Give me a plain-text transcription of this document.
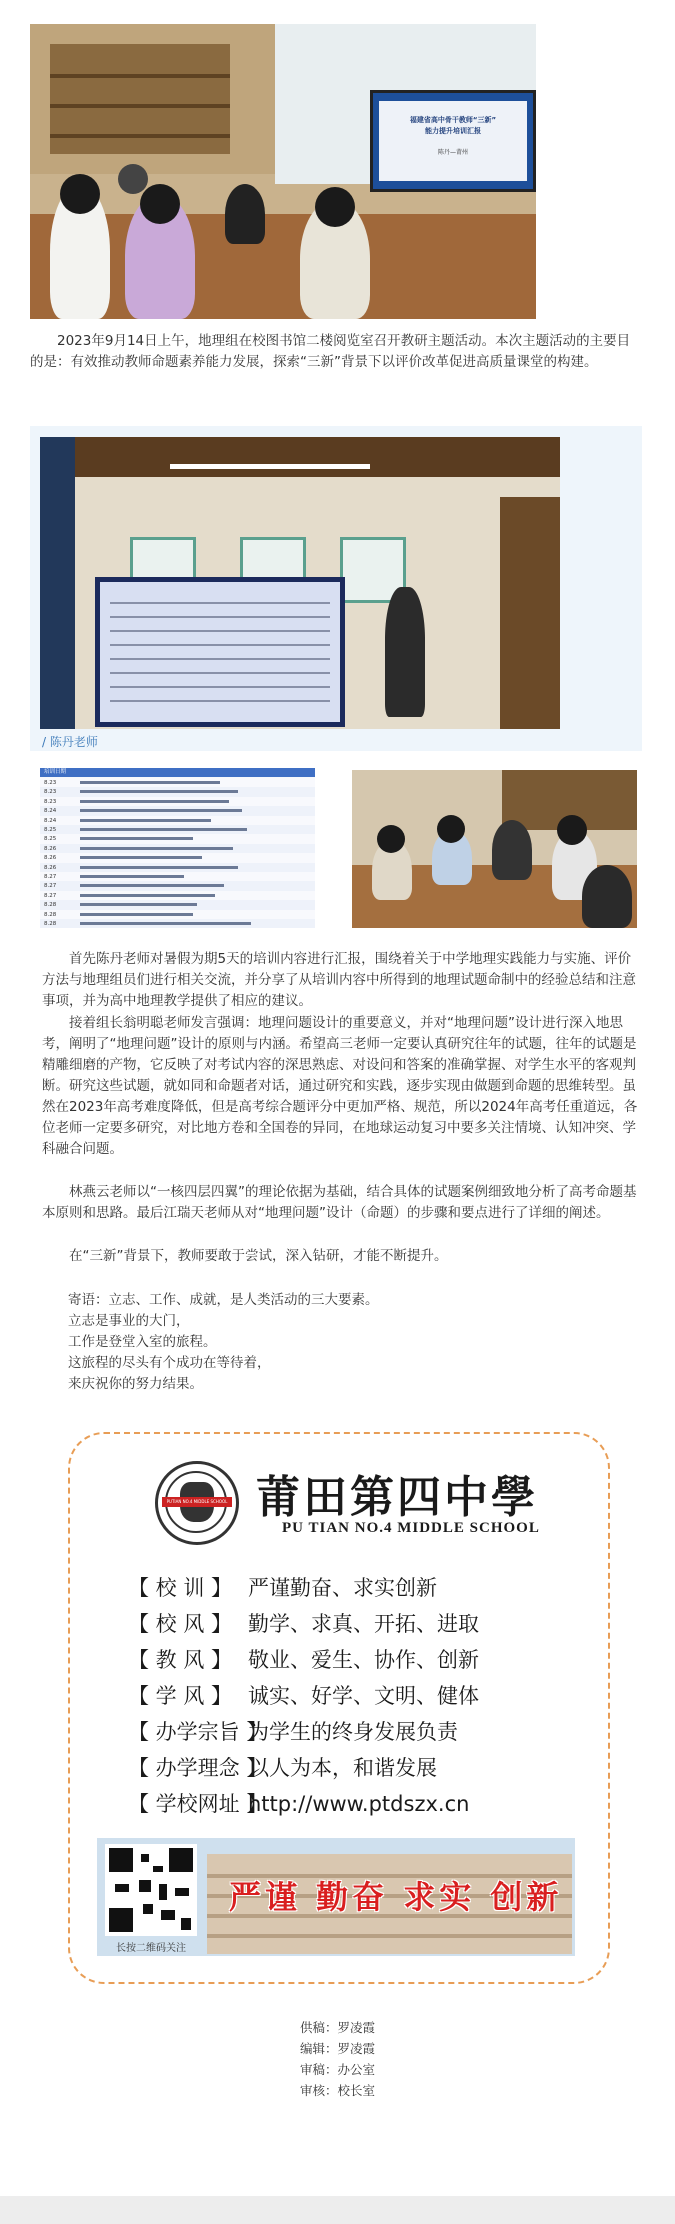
福建省高中骨干教师“三新”
能力提升培训汇报
陈丹—莆州

2023年9月14日上午，地理组在校图书馆二楼阅览室召开教研主题活动。本次主题活动的主要目的是：有效推动教师命题素养能力发展，探索“三新”背景下以评价改革促进高质量课堂的构建。

/ 陈丹老师
培训日期
8.23
8.23
8.23
8.24
8.24
8.25
8.25
8.26
8.26
8.26
8.27
8.27
8.27
8.28
8.28
8.28

首先陈丹老师对暑假为期5天的培训内容进行汇报，围绕着关于中学地理实践能力与实施、评价方法与地理组员们进行相关交流，并分享了从培训内容中所得到的地理试题命制中的经验总结和注意事项，并为高中地理教学提供了相应的建议。

接着组长翁明聪老师发言强调：地理问题设计的重要意义，并对“地理问题”设计进行深入地思考，阐明了“地理问题”设计的原则与内涵。希望高三老师一定要认真研究往年的试题，往年的试题是精雕细磨的产物，它反映了对考试内容的深思熟虑、对设问和答案的准确掌握、对学生水平的客观判断。研究这些试题，就如同和命题者对话，通过研究和实践，逐步实现由做题到命题的思维转型。虽然在2023年高考难度降低，但是高考综合题评分中更加严格、规范，所以2024年高考任重道远，各位老师一定要多研究，对比地方卷和全国卷的异同，在地球运动复习中要多关注情境、认知冲突、学科融合问题。

林燕云老师以“一核四层四翼”的理论依据为基础，结合具体的试题案例细致地分析了高考命题基本原则和思路。最后江瑞天老师从对“地理问题”设计（命题）的步骤和要点进行了详细的阐述。

在“三新”背景下，教师要敢于尝试，深入钻研，才能不断提升。

寄语：立志、工作、成就，是人类活动的三大要素。

立志是事业的大门，

工作是登堂入室的旅程。

这旅程的尽头有个成功在等待着，

来庆祝你的努力结果。

PUTIAN NO.4 MIDDLE SCHOOL 莆田第四中學
PU TIAN NO.4 MIDDLE SCHOOL
【 校 训 】 严谨勤奋、求实创新
【 校 风 】 勤学、求真、开拓、进取
【 教 风 】 敬业、爱生、协作、创新
【 学 风 】 诚实、好学、文明、健体
【 办学宗旨 】为学生的终身发展负责
【 办学理念 】以人为本，和谐发展
【 学校网址 】http://www.ptdszx.cn
长按二维码关注
严谨 勤奋 求实 创新
供稿：罗凌霞
编辑：罗凌霞
审稿：办公室
审核：校长室
